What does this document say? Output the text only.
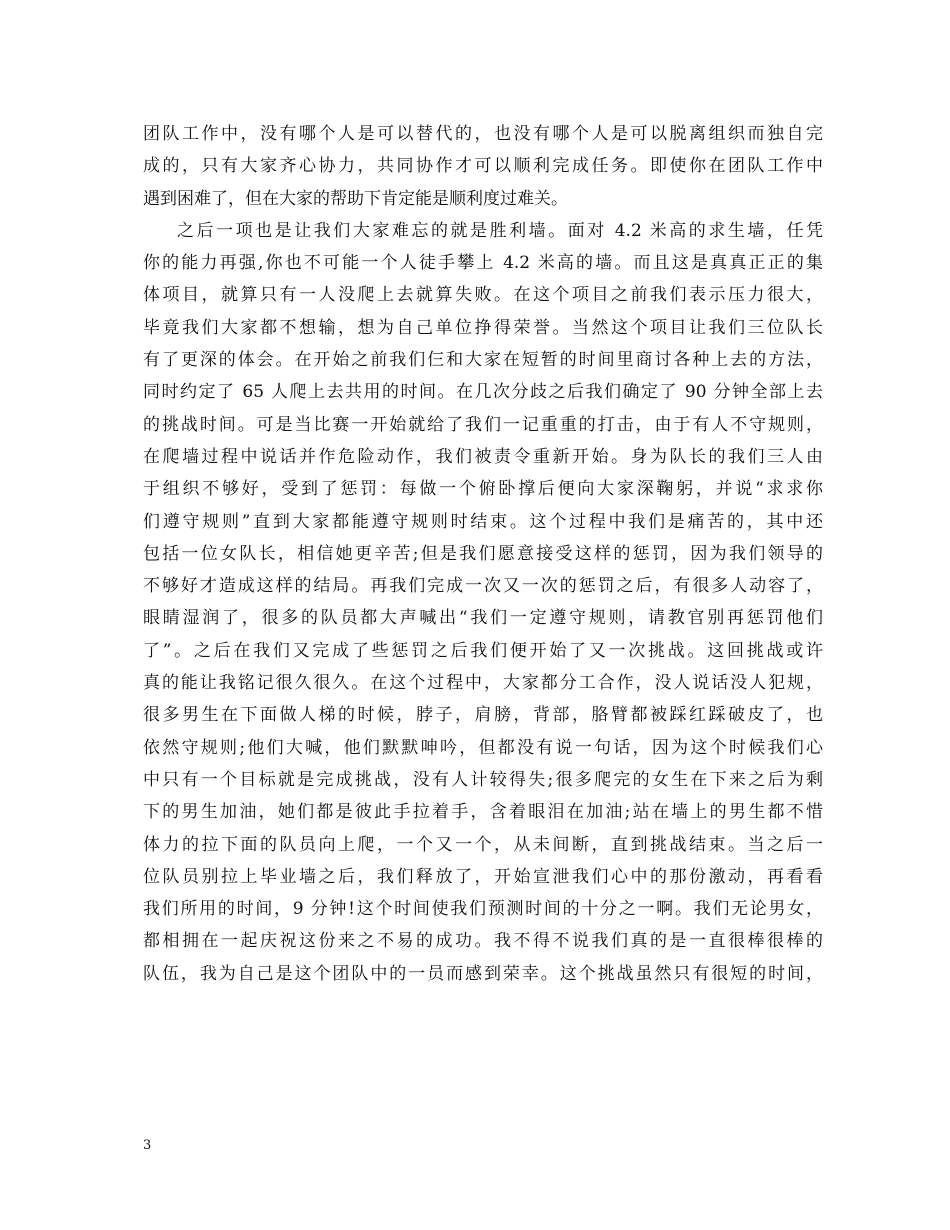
团队工作中，没有哪个人是可以替代的，也没有哪个人是可以脱离组织而独自完
成的，只有大家齐心协力，共同协作才可以顺利完成任务。即使你在团队工作中
遇到困难了，但在大家的帮助下肯定能是顺利度过难关。
之后一项也是让我们大家难忘的就是胜利墙。面对 4.2 米高的求生墙，任凭
你的能力再强,你也不可能一个人徒手攀上 4.2 米高的墙。而且这是真真正正的集
体项目，就算只有一人没爬上去就算失败。在这个项目之前我们表示压力很大，
毕竟我们大家都不想输，想为自己单位挣得荣誉。当然这个项目让我们三位队长
有了更深的体会。在开始之前我们仨和大家在短暂的时间里商讨各种上去的方法，
同时约定了 65 人爬上去共用的时间。在几次分歧之后我们确定了 90 分钟全部上去
的挑战时间。可是当比赛一开始就给了我们一记重重的打击，由于有人不守规则，
在爬墙过程中说话并作危险动作，我们被责令重新开始。身为队长的我们三人由
于组织不够好，受到了惩罚：每做一个俯卧撑后便向大家深鞠躬，并说“求求你
们遵守规则”直到大家都能遵守规则时结束。这个过程中我们是痛苦的，其中还
包括一位女队长，相信她更辛苦;但是我们愿意接受这样的惩罚，因为我们领导的
不够好才造成这样的结局。再我们完成一次又一次的惩罚之后，有很多人动容了，
眼睛湿润了，很多的队员都大声喊出“我们一定遵守规则，请教官别再惩罚他们
了”。之后在我们又完成了些惩罚之后我们便开始了又一次挑战。这回挑战或许
真的能让我铭记很久很久。在这个过程中，大家都分工合作，没人说话没人犯规，
很多男生在下面做人梯的时候，脖子，肩膀，背部，胳臂都被踩红踩破皮了，也
依然守规则;他们大喊，他们默默呻吟，但都没有说一句话，因为这个时候我们心
中只有一个目标就是完成挑战，没有人计较得失;很多爬完的女生在下来之后为剩
下的男生加油，她们都是彼此手拉着手，含着眼泪在加油;站在墙上的男生都不惜
体力的拉下面的队员向上爬，一个又一个，从未间断，直到挑战结束。当之后一
位队员别拉上毕业墙之后，我们释放了，开始宣泄我们心中的那份激动，再看看
我们所用的时间，9 分钟!这个时间使我们预测时间的十分之一啊。我们无论男女，
都相拥在一起庆祝这份来之不易的成功。我不得不说我们真的是一直很棒很棒的
队伍，我为自己是这个团队中的一员而感到荣幸。这个挑战虽然只有很短的时间，
3
